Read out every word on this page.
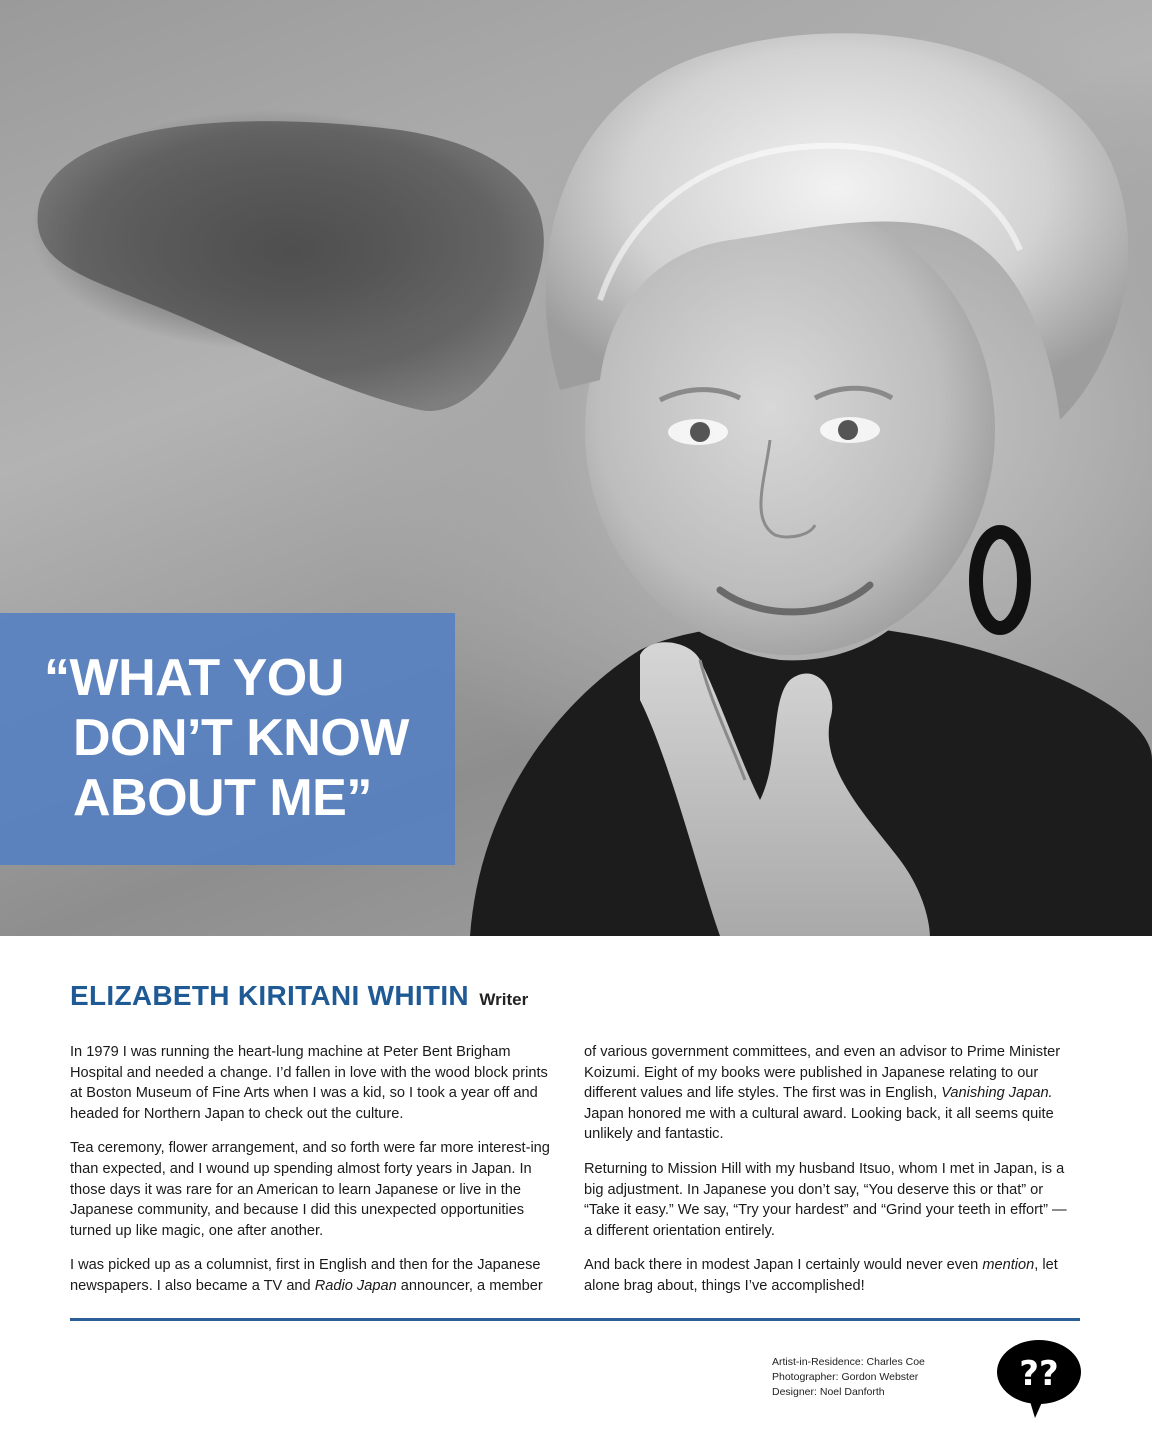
“WHAT YOU DON’T KNOW ABOUT ME”

ELIZABETH KIRITANI WHITIN Writer

In 1979 I was running the heart-lung machine at Peter Bent Brigham Hospital and needed a change. I’d fallen in love with the wood block prints at Boston Museum of Fine Arts when I was a kid, so I took a year off and headed for Northern Japan to check out the culture.

Tea ceremony, flower arrangement, and so forth were far more interest-ing than expected, and I wound up spending almost forty years in Japan. In those days it was rare for an American to learn Japanese or live in the Japanese community, and because I did this unexpected opportunities turned up like magic, one after another.

I was picked up as a columnist, first in English and then for the Japanese newspapers. I also became a TV and Radio Japan announcer, a member

of various government committees, and even an advisor to Prime Minister Koizumi. Eight of my books were published in Japanese relating to our different values and life styles. The first was in English, Vanishing Japan. Japan honored me with a cultural award. Looking back, it all seems quite unlikely and fantastic.

Returning to Mission Hill with my husband Itsuo, whom I met in Japan, is a big adjustment. In Japanese you don’t say, “You deserve this or that” or “Take it easy.” We say, “Try your hardest” and “Grind your teeth in effort” — a different orientation entirely.

And back there in modest Japan I certainly would never even mention, let alone brag about, things I’ve accomplished!

Artist-in-Residence: Charles Coe
Photographer: Gordon Webster
Designer: Noel Danforth	??
